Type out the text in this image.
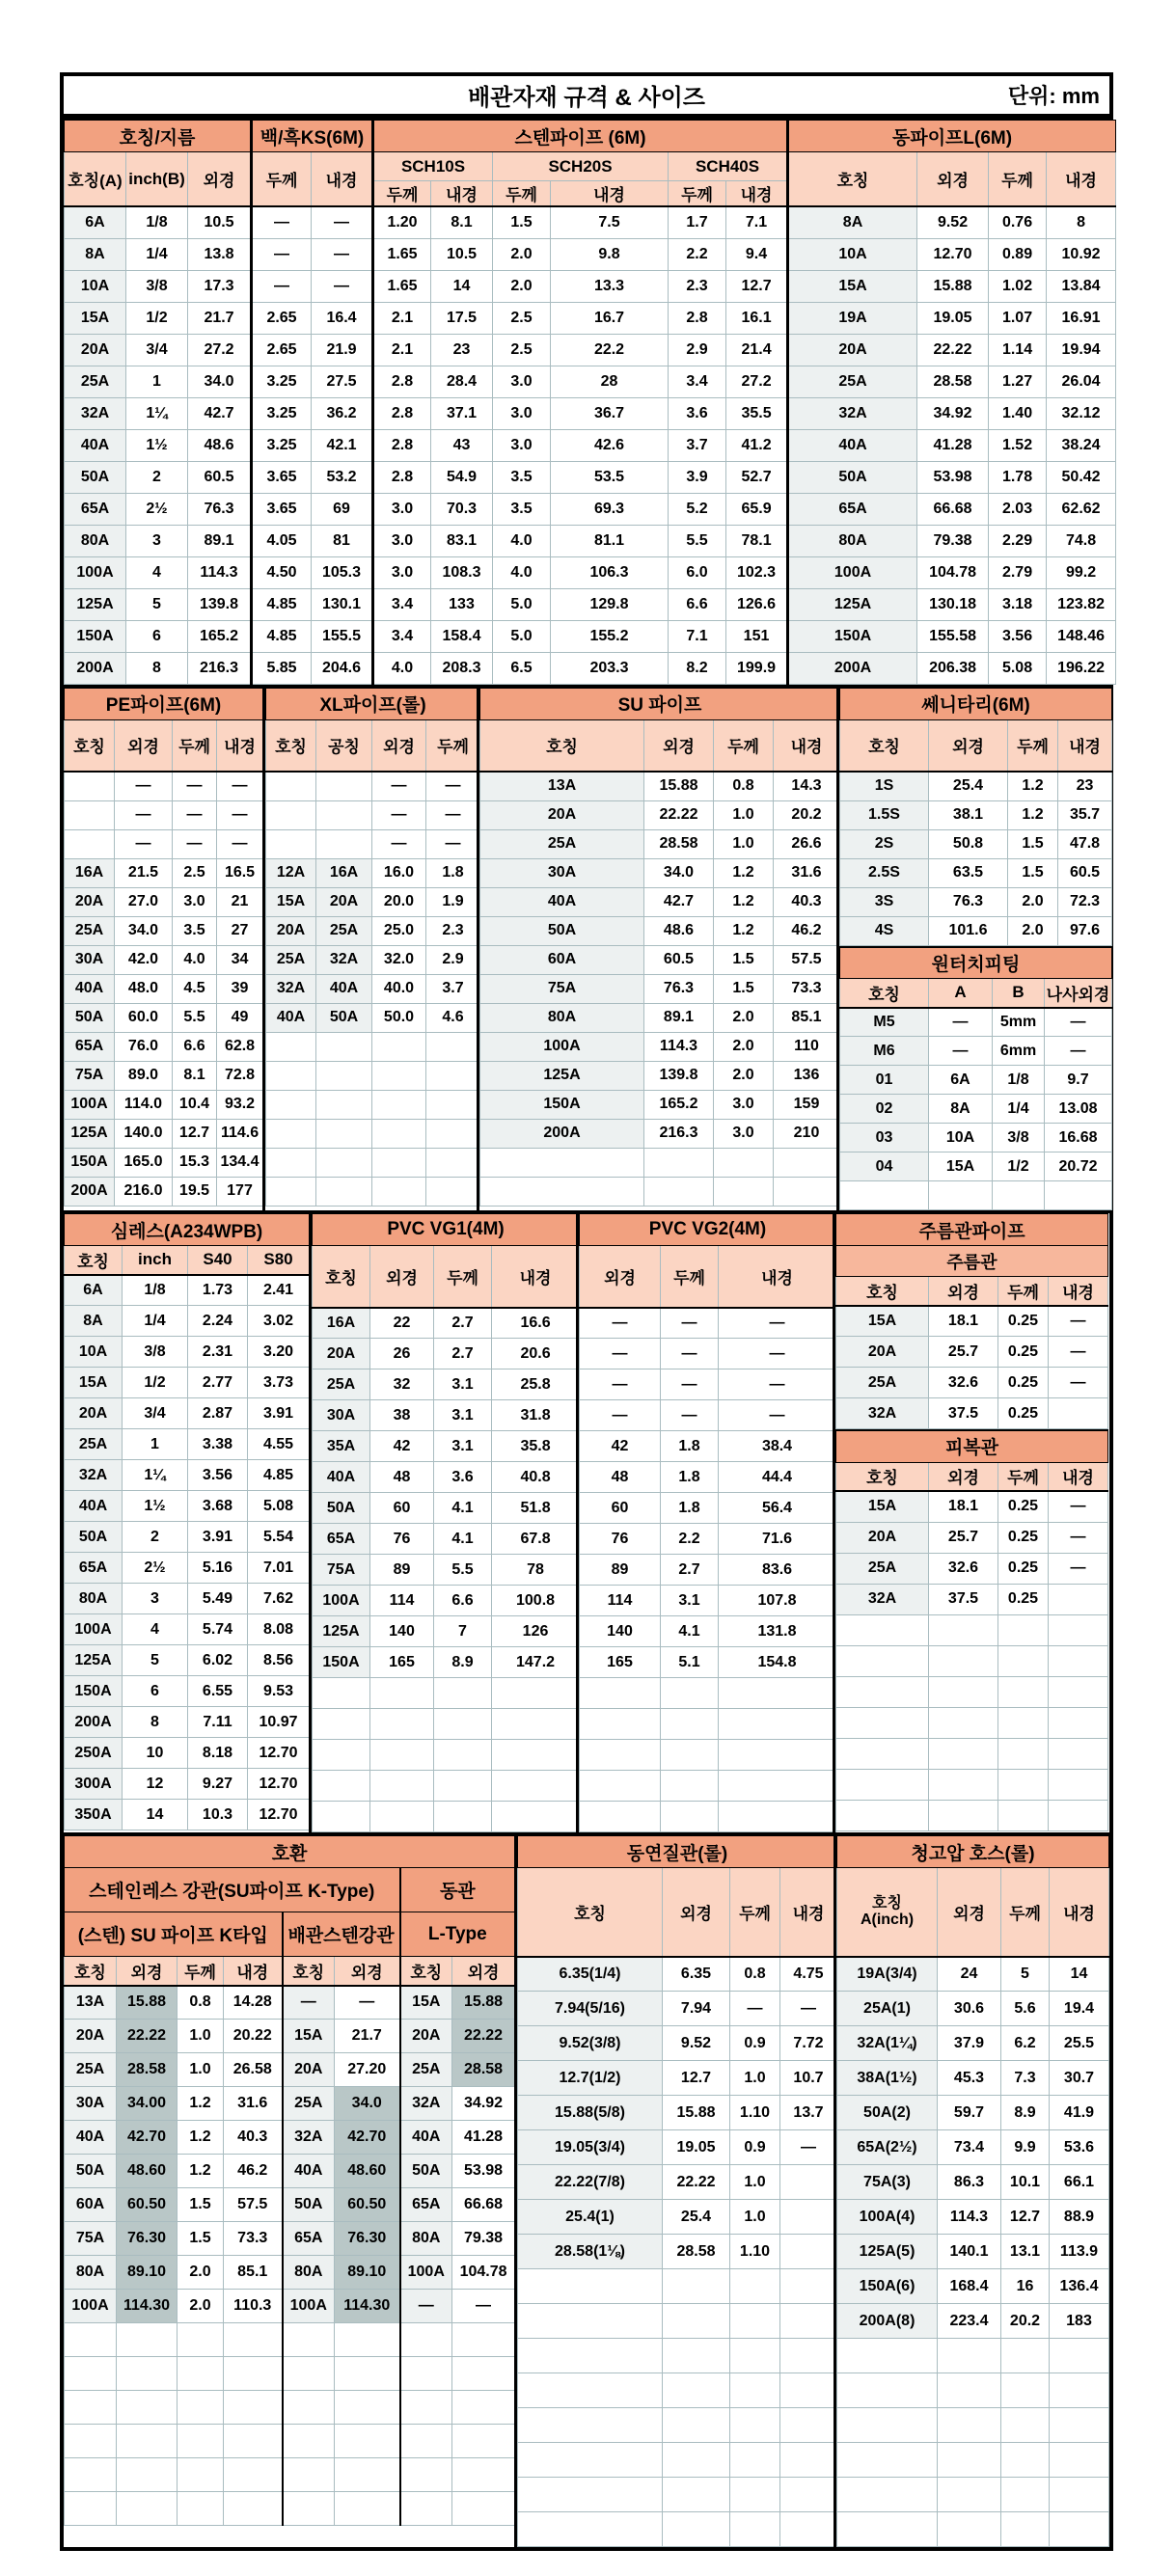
배관자재 규격 & 사이즈	단위: mm
호칭/지름			백/흑KS(6M)		스텐파이프 (6M)						동파이프L(6M)			
호칭(A)	inch(B)	외경	두께	내경	SCH10S		SCH20S		SCH40S		호칭	외경	두께	내경
					두께	내경	두께	내경	두께	내경				
6A	1/8	10.5	—	—	1.20	8.1	1.5	7.5	1.7	7.1	8A	9.52	0.76	8
8A	1/4	13.8	—	—	1.65	10.5	2.0	9.8	2.2	9.4	10A	12.70	0.89	10.92
10A	3/8	17.3	—	—	1.65	14	2.0	13.3	2.3	12.7	15A	15.88	1.02	13.84
15A	1/2	21.7	2.65	16.4	2.1	17.5	2.5	16.7	2.8	16.1	19A	19.05	1.07	16.91
20A	3/4	27.2	2.65	21.9	2.1	23	2.5	22.2	2.9	21.4	20A	22.22	1.14	19.94
25A	1	34.0	3.25	27.5	2.8	28.4	3.0	28	3.4	27.2	25A	28.58	1.27	26.04
32A	1¼	42.7	3.25	36.2	2.8	37.1	3.0	36.7	3.6	35.5	32A	34.92	1.40	32.12
40A	1½	48.6	3.25	42.1	2.8	43	3.0	42.6	3.7	41.2	40A	41.28	1.52	38.24
50A	2	60.5	3.65	53.2	2.8	54.9	3.5	53.5	3.9	52.7	50A	53.98	1.78	50.42
65A	2½	76.3	3.65	69	3.0	70.3	3.5	69.3	5.2	65.9	65A	66.68	2.03	62.62
80A	3	89.1	4.05	81	3.0	83.1	4.0	81.1	5.5	78.1	80A	79.38	2.29	74.8
100A	4	114.3	4.50	105.3	3.0	108.3	4.0	106.3	6.0	102.3	100A	104.78	2.79	99.2
125A	5	139.8	4.85	130.1	3.4	133	5.0	129.8	6.6	126.6	125A	130.18	3.18	123.82
150A	6	165.2	4.85	155.5	3.4	158.4	5.0	155.2	7.1	151	150A	155.58	3.56	148.46
200A	8	216.3	5.85	204.6	4.0	208.3	6.5	203.3	8.2	199.9	200A	206.38	5.08	196.22
PE파이프(6M)			
호칭	외경	두께	내경
	—	—	—
	—	—	—
	—	—	—
16A	21.5	2.5	16.5
20A	27.0	3.0	21
25A	34.0	3.5	27
30A	42.0	4.0	34
40A	48.0	4.5	39
50A	60.0	5.5	49
65A	76.0	6.6	62.8
75A	89.0	8.1	72.8
100A	114.0	10.4	93.2
125A	140.0	12.7	114.6
150A	165.0	15.3	134.4
200A	216.0	19.5	177
XL파이프(롤)			
호칭	공칭	외경	두께
		—	—
		—	—
		—	—
12A	16A	16.0	1.8
15A	20A	20.0	1.9
20A	25A	25.0	2.3
25A	32A	32.0	2.9
32A	40A	40.0	3.7
40A	50A	50.0	4.6

SU 파이프			
호칭	외경	두께	내경
13A	15.88	0.8	14.3
20A	22.22	1.0	20.2
25A	28.58	1.0	26.6
30A	34.0	1.2	31.6
40A	42.7	1.2	40.3
50A	48.6	1.2	46.2
60A	60.5	1.5	57.5
75A	76.3	1.5	73.3
80A	89.1	2.0	85.1
100A	114.3	2.0	110
125A	139.8	2.0	136
150A	165.2	3.0	159
200A	216.3	3.0	210

쎄니타리(6M)			
호칭	외경	두께	내경
1S	25.4	1.2	23
1.5S	38.1	1.2	35.7
2S	50.8	1.5	47.8
2.5S	63.5	1.5	60.5
3S	76.3	2.0	72.3
4S	101.6	2.0	97.6
원터치피팅			
호칭	A	B	나사외경
M5	—	5mm	—
M6	—	6mm	—
01	6A	1/8	9.7
02	8A	1/4	13.08
03	10A	3/8	16.68
04	15A	1/2	20.72

심레스(A234WPB)			
호칭	inch	S40	S80
6A	1/8	1.73	2.41
8A	1/4	2.24	3.02
10A	3/8	2.31	3.20
15A	1/2	2.77	3.73
20A	3/4	2.87	3.91
25A	1	3.38	4.55
32A	1¼	3.56	4.85
40A	1½	3.68	5.08
50A	2	3.91	5.54
65A	2½	5.16	7.01
80A	3	5.49	7.62
100A	4	5.74	8.08
125A	5	6.02	8.56
150A	6	6.55	9.53
200A	8	7.11	10.97
250A	10	8.18	12.70
300A	12	9.27	12.70
350A	14	10.3	12.70
PVC VG1(4M)			
호칭	외경	두께	내경
16A	22	2.7	16.6
20A	26	2.7	20.6
25A	32	3.1	25.8
30A	38	3.1	31.8
35A	42	3.1	35.8
40A	48	3.6	40.8
50A	60	4.1	51.8
65A	76	4.1	67.8
75A	89	5.5	78
100A	114	6.6	100.8
125A	140	7	126
150A	165	8.9	147.2

PVC VG2(4M)		
외경	두께	내경
—	—	—
—	—	—
—	—	—
—	—	—
42	1.8	38.4
48	1.8	44.4
60	1.8	56.4
76	2.2	71.6
89	2.7	83.6
114	3.1	107.8
140	4.1	131.8
165	5.1	154.8

주름관파이프			
주름관			
호칭	외경	두께	내경
15A	18.1	0.25	—
20A	25.7	0.25	—
25A	32.6	0.25	—
32A	37.5	0.25	
피복관			
호칭	외경	두께	내경
15A	18.1	0.25	—
20A	25.7	0.25	—
25A	32.6	0.25	—
32A	37.5	0.25	

호환							
스테인레스 강관(SU파이프 K-Type)						동관	
(스텐) SU 파이프 K타입				배관스텐강관		L-Type	
호칭	외경	두께	내경	호칭	외경	호칭	외경
13A	15.88	0.8	14.28	—	—	15A	15.88
20A	22.22	1.0	20.22	15A	21.7	20A	22.22
25A	28.58	1.0	26.58	20A	27.20	25A	28.58
30A	34.00	1.2	31.6	25A	34.0	32A	34.92
40A	42.70	1.2	40.3	32A	42.70	40A	41.28
50A	48.60	1.2	46.2	40A	48.60	50A	53.98
60A	60.50	1.5	57.5	50A	60.50	65A	66.68
75A	76.30	1.5	73.3	65A	76.30	80A	79.38
80A	89.10	2.0	85.1	80A	89.10	100A	104.78
100A	114.30	2.0	110.3	100A	114.30	—	—

동연질관(롤)			
호칭	외경	두께	내경
6.35(1/4)	6.35	0.8	4.75
7.94(5/16)	7.94	—	—
9.52(3/8)	9.52	0.9	7.72
12.7(1/2)	12.7	1.0	10.7
15.88(5/8)	15.88	1.10	13.7
19.05(3/4)	19.05	0.9	—
22.22(7/8)	22.22	1.0	
25.4(1)	25.4	1.0	
28.58(1⅛)	28.58	1.10	

청고압 호스(롤)			

호칭
A(inch)	외경	두께	내경
19A(3/4)	24	5	14
25A(1)	30.6	5.6	19.4
32A(1¼)	37.9	6.2	25.5
38A(1½)	45.3	7.3	30.7
50A(2)	59.7	8.9	41.9
65A(2½)	73.4	9.9	53.6
75A(3)	86.3	10.1	66.1
100A(4)	114.3	12.7	88.9
125A(5)	140.1	13.1	113.9
150A(6)	168.4	16	136.4
200A(8)	223.4	20.2	183
